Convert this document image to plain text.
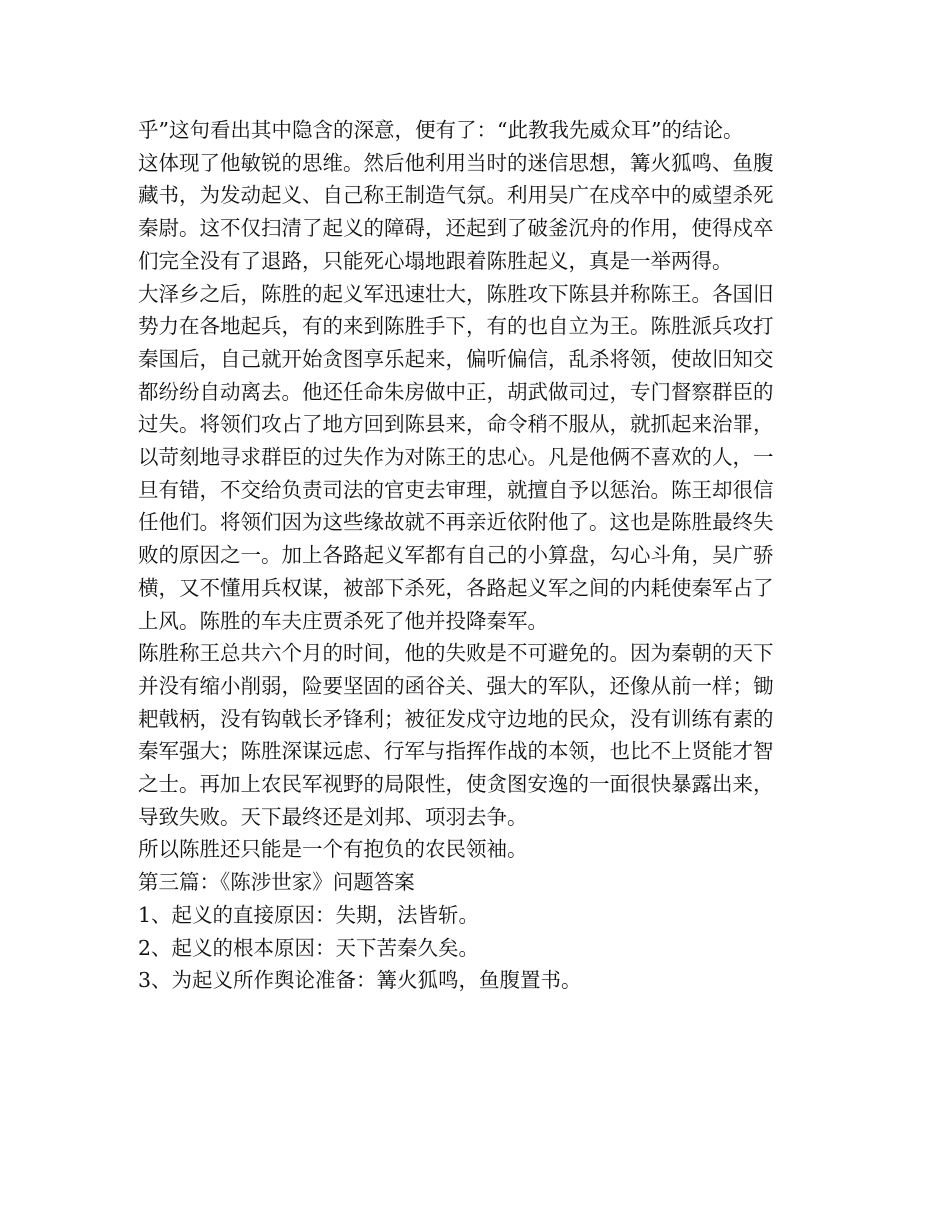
乎”这句看出其中隐含的深意，便有了：“此教我先威众耳”的结论。
这体现了他敏锐的思维。然后他利用当时的迷信思想，篝火狐鸣、鱼腹
藏书，为发动起义、自己称王制造气氛。利用吴广在戍卒中的威望杀死
秦尉。这不仅扫清了起义的障碍，还起到了破釜沉舟的作用，使得戍卒
们完全没有了退路，只能死心塌地跟着陈胜起义，真是一举两得。
大泽乡之后，陈胜的起义军迅速壮大，陈胜攻下陈县并称陈王。各国旧
势力在各地起兵，有的来到陈胜手下，有的也自立为王。陈胜派兵攻打
秦国后，自己就开始贪图享乐起来，偏听偏信，乱杀将领，使故旧知交
都纷纷自动离去。他还任命朱房做中正，胡武做司过，专门督察群臣的
过失。将领们攻占了地方回到陈县来，命令稍不服从，就抓起来治罪，
以苛刻地寻求群臣的过失作为对陈王的忠心。凡是他俩不喜欢的人，一
旦有错，不交给负责司法的官吏去审理，就擅自予以惩治。陈王却很信
任他们。将领们因为这些缘故就不再亲近依附他了。这也是陈胜最终失
败的原因之一。加上各路起义军都有自己的小算盘，勾心斗角，吴广骄
横，又不懂用兵权谋，被部下杀死，各路起义军之间的内耗使秦军占了
上风。陈胜的车夫庄贾杀死了他并投降秦军。
陈胜称王总共六个月的时间，他的失败是不可避免的。因为秦朝的天下
并没有缩小削弱，险要坚固的函谷关、强大的军队，还像从前一样；锄
耙戟柄，没有钩戟长矛锋利；被征发戍守边地的民众，没有训练有素的
秦军强大；陈胜深谋远虑、行军与指挥作战的本领，也比不上贤能才智
之士。再加上农民军视野的局限性，使贪图安逸的一面很快暴露出来，
导致失败。天下最终还是刘邦、项羽去争。
所以陈胜还只能是一个有抱负的农民领袖。
第三篇：《陈涉世家》问题答案
1、起义的直接原因：失期，法皆斩。
2、起义的根本原因：天下苦秦久矣。
3、为起义所作舆论准备：篝火狐鸣，鱼腹置书。
